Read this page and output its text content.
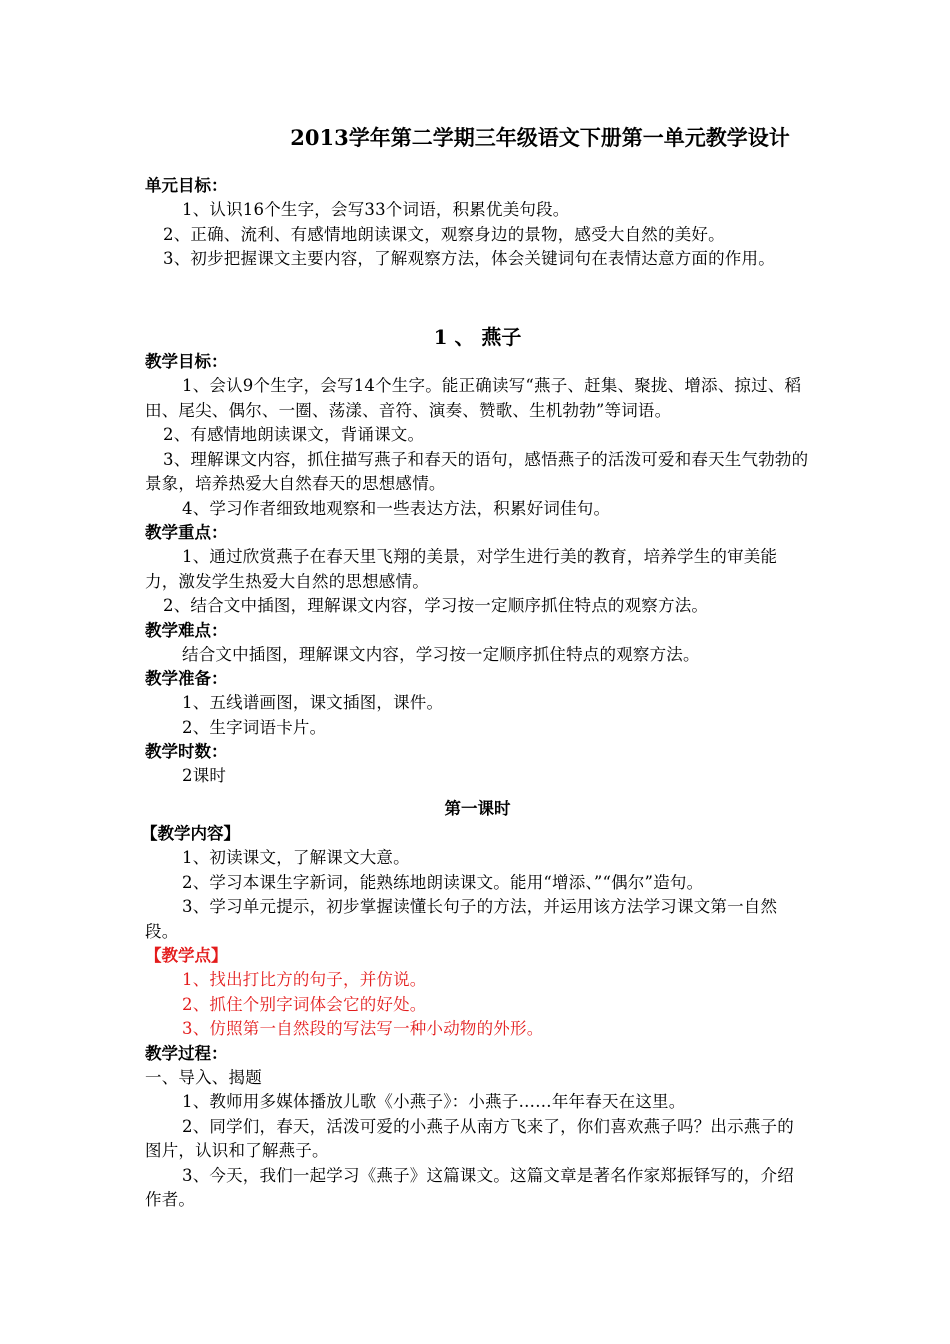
2013学年第二学期三年级语文下册第一单元教学设计
单元目标：
1、认识16个生字，会写33个词语，积累优美句段。
2、正确、流利、有感情地朗读课文，观察身边的景物，感受大自然的美好。
3、初步把握课文主要内容，了解观察方法，体会关键词句在表情达意方面的作用。
1 、 燕子
教学目标：
1、会认9个生字，会写14个生字。能正确读写“燕子、赶集、聚拢、增添、掠过、稻田、尾尖、偶尔、一圈、荡漾、音符、演奏、赞歌、生机勃勃”等词语。
2、有感情地朗读课文，背诵课文。
3、理解课文内容，抓住描写燕子和春天的语句，感悟燕子的活泼可爱和春天生气勃勃的景象，培养热爱大自然春天的思想感情。
4、学习作者细致地观察和一些表达方法，积累好词佳句。
教学重点：
1、通过欣赏燕子在春天里飞翔的美景，对学生进行美的教育，培养学生的审美能力，激发学生热爱大自然的思想感情。
2、结合文中插图，理解课文内容，学习按一定顺序抓住特点的观察方法。
教学难点：
结合文中插图，理解课文内容，学习按一定顺序抓住特点的观察方法。
教学准备：
1、五线谱画图，课文插图，课件。
2、生字词语卡片。
教学时数：
2课时
第一课时
【教学内容】
1、初读课文，了解课文大意。
2、学习本课生字新词，能熟练地朗读课文。能用“增添、”“偶尔”造句。
3、学习单元提示，初步掌握读懂长句子的方法，并运用该方法学习课文第一自然段。
【教学点】
1、找出打比方的句子，并仿说。
2、抓住个别字词体会它的好处。
3、仿照第一自然段的写法写一种小动物的外形。
教学过程：
一、导入、揭题
1、教师用多媒体播放儿歌《小燕子》：小燕子……年年春天在这里。
2、同学们，春天，活泼可爱的小燕子从南方飞来了，你们喜欢燕子吗？出示燕子的图片，认识和了解燕子。
3、今天，我们一起学习《燕子》这篇课文。这篇文章是著名作家郑振铎写的，介绍作者。
